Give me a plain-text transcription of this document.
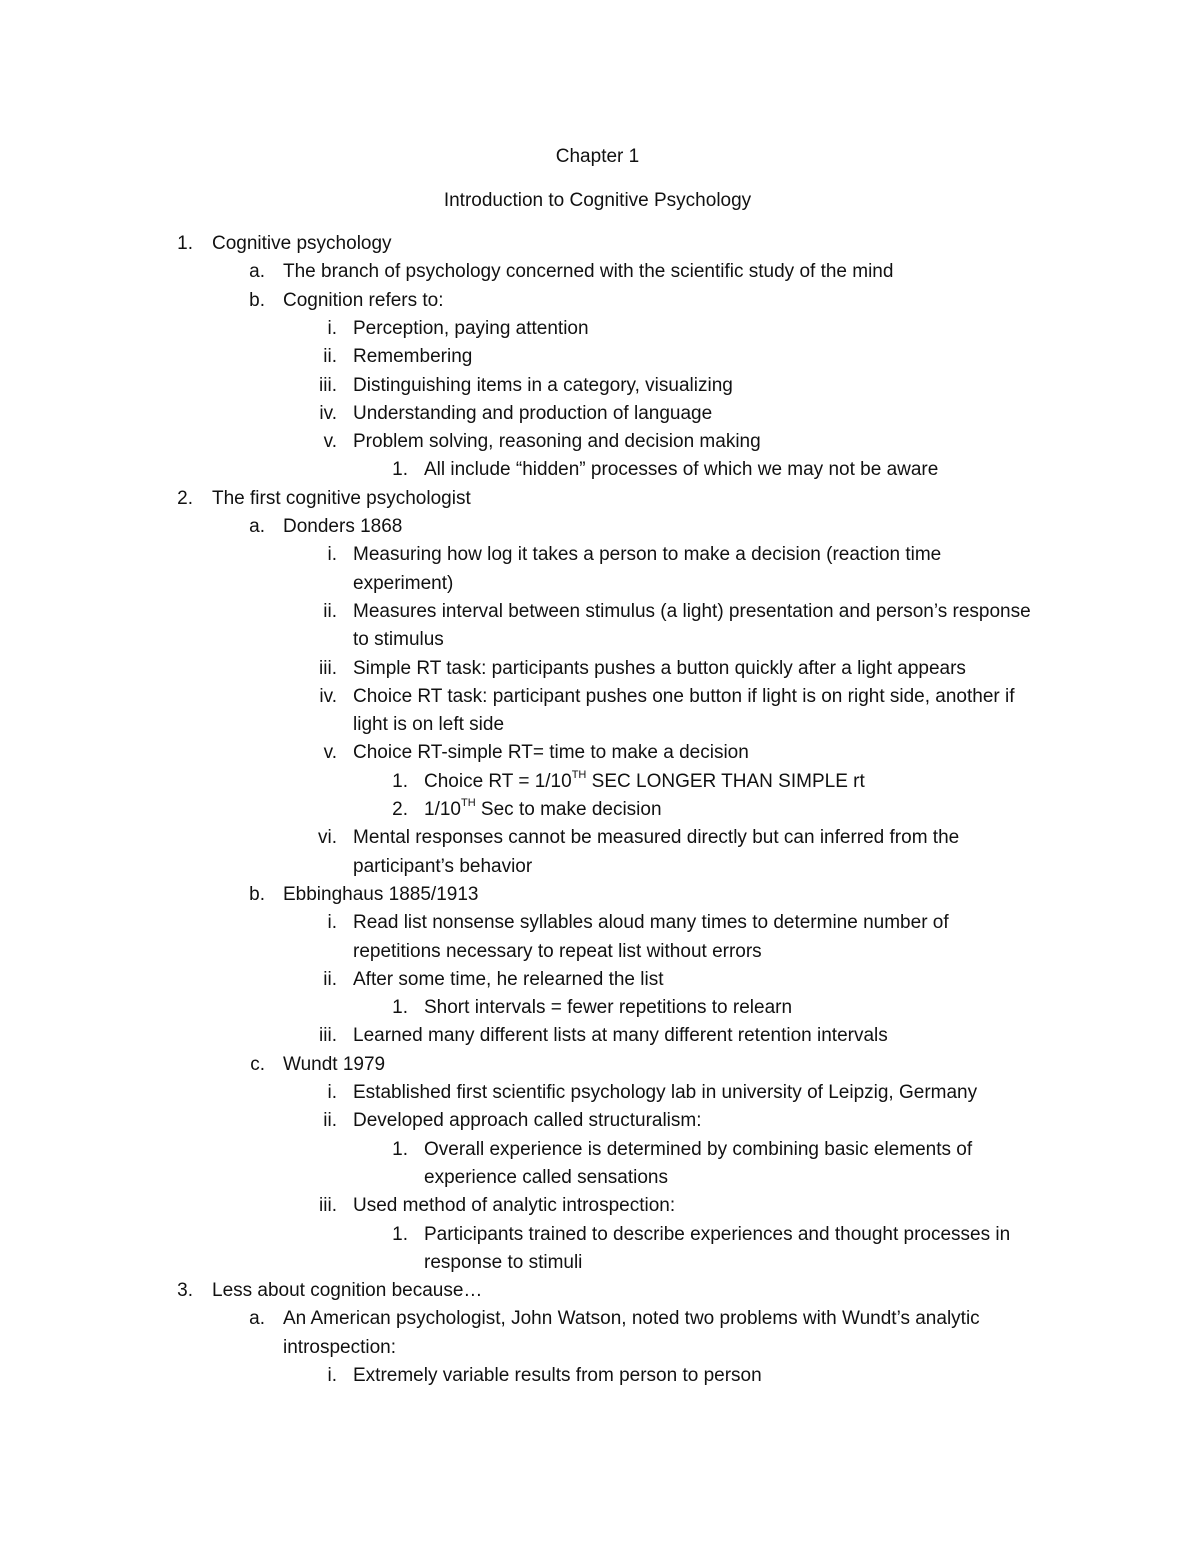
Chapter 1
Introduction to Cognitive Psychology
1. Cognitive psychology
a. The branch of psychology concerned with the scientific study of the mind
b. Cognition refers to:
i. Perception, paying attention
ii. Remembering
iii. Distinguishing items in a category, visualizing
iv. Understanding and production of language
v. Problem solving, reasoning and decision making
1. All include “hidden” processes of which we may not be aware
2. The first cognitive psychologist
a. Donders 1868
i. Measuring how log it takes a person to make a decision (reaction time
experiment)
ii. Measures interval between stimulus (a light) presentation and person’s response
to stimulus
iii. Simple RT task: participants pushes a button quickly after a light appears
iv. Choice RT task: participant pushes one button if light is on right side, another if
light is on left side
v. Choice RT-simple RT= time to make a decision
1. Choice RT = 1/10TH SEC LONGER THAN SIMPLE rt
2. 1/10TH Sec to make decision
vi. Mental responses cannot be measured directly but can inferred from the
participant’s behavior
b. Ebbinghaus 1885/1913
i. Read list nonsense syllables aloud many times to determine number of
repetitions necessary to repeat list without errors
ii. After some time, he relearned the list
1. Short intervals = fewer repetitions to relearn
iii. Learned many different lists at many different retention intervals
c. Wundt 1979
i. Established first scientific psychology lab in university of Leipzig, Germany
ii. Developed approach called structuralism:
1. Overall experience is determined by combining basic elements of
experience called sensations
iii. Used method of analytic introspection:
1. Participants trained to describe experiences and thought processes in
response to stimuli
3. Less about cognition because…
a. An American psychologist, John Watson, noted two problems with Wundt’s analytic
introspection:
i. Extremely variable results from person to person
